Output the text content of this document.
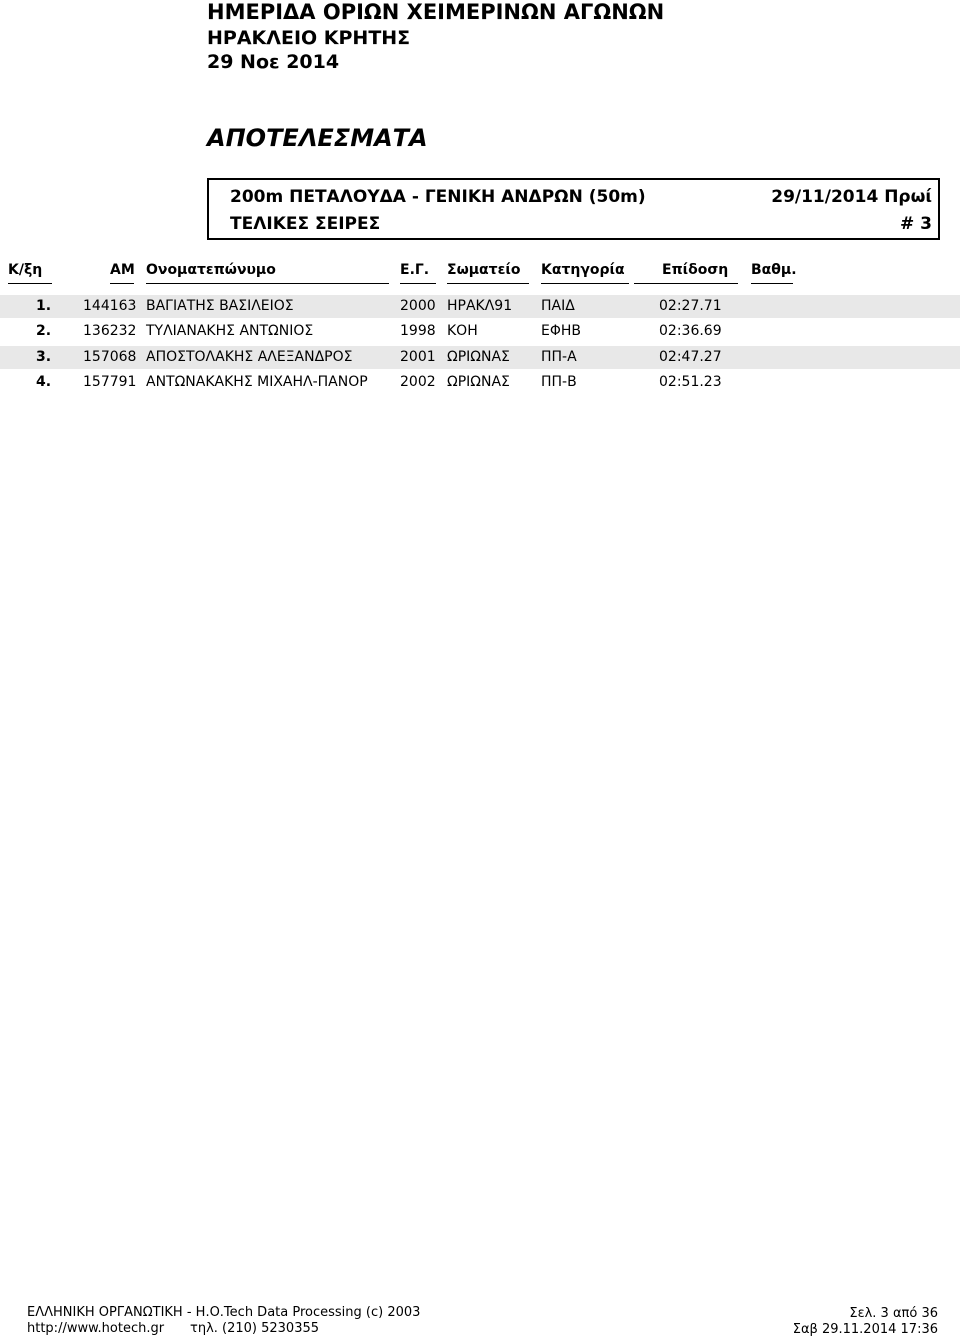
ΗΜΕΡΙΔΑ ΟΡΙΩΝ ΧΕΙΜΕΡΙΝΩΝ ΑΓΩΝΩΝ
ΗΡΑΚΛΕΙΟ ΚΡΗΤΗΣ
29 Νοε 2014
ΑΠΟΤΕΛΕΣΜΑΤΑ
200m ΠΕΤΑΛΟΥΔΑ - ΓΕΝΙΚΗ ΑΝΔΡΩΝ (50m)	29/11/2014 Πρωί
ΤΕΛΙΚΕΣ ΣΕΙΡΕΣ	# 3
Κ/ξη	ΑΜ Ονοματεπώνυμο	Ε.Γ. Σωματείο Κατηγορία	Επίδοση Βαθμ.
1. 144163 ΒΑΓΙΑΤΗΣ ΒΑΣΙΛΕΙΟΣ	2000 ΗΡΑΚΛ91 ΠΑΙΔ	02:27.71
2. 136232 ΤΥΛΙΑΝΑΚΗΣ ΑΝΤΩΝΙΟΣ	1998 ΚΟΗ	ΕΦΗΒ	02:36.69
3. 157068 ΑΠΟΣΤΟΛΑΚΗΣ ΑΛΕΞΑΝΔΡΟΣ	2001 ΩΡΙΩΝΑΣ ΠΠ-Α	02:47.27
4. 157791 ΑΝΤΩΝΑΚΑΚΗΣ ΜΙΧΑΗΛ-ΠΑΝΟΡ 2002 ΩΡΙΩΝΑΣ ΠΠ-Β	02:51.23
ΕΛΛΗΝΙΚΗ ΟΡΓΑΝΩΤΙΚΗ - Η.Ο.Tech Data Processing (c) 2003
http://www.hotech.gr τηλ. (210) 5230355
Σελ. 3 από 36
Σαβ 29.11.2014 17:36
